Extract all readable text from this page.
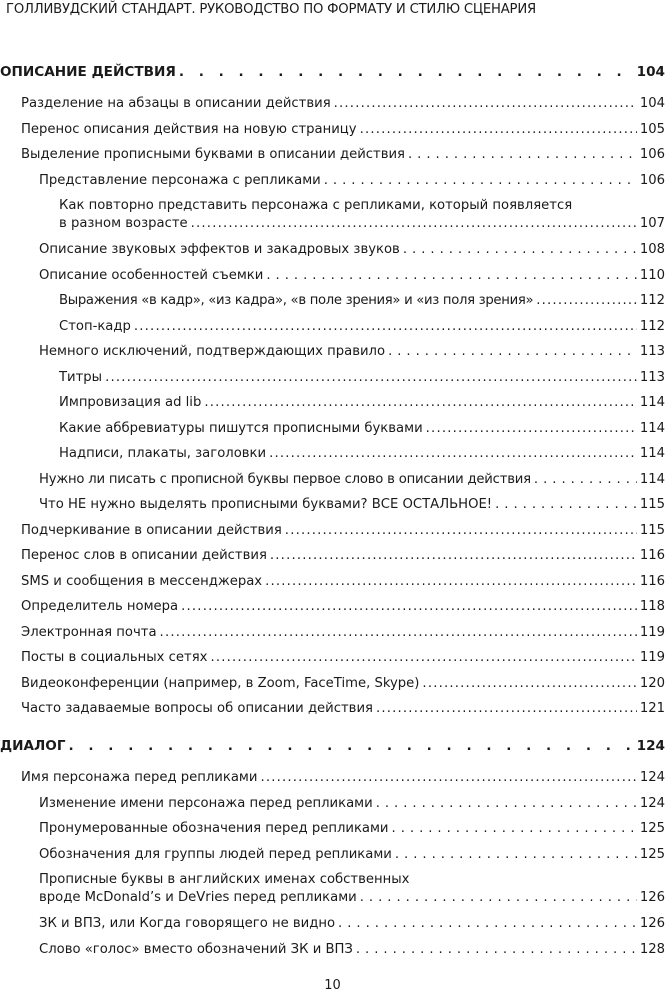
ГОЛЛИВУДСКИЙ СТАНДАРТ. РУКОВОДСТВО ПО ФОРМАТУ И СТИЛЮ СЦЕНАРИЯ
ОПИСАНИЕ ДЕЙСТВИЯ . . .	104
Разделение на абзацы в описании действия .....	104
Перенос описания действия на новую страницу .....	105
Выделение прописными буквами в описании действия . . .	106
Представление персонажа с репликами . . .	106
Как повторно представить персонажа с репликами, который появляется
в разном возрасте .....	107
Описание звуковых эффектов и закадровых звуков . . .	108
Описание особенностей съемки . . .	110
Выражения «в кадр», «из кадра», «в поле зрения» и «из поля зрения» .....	112
Стоп-кадр .....	112
Немного исключений, подтверждающих правило . . .	113
Титры .....	113
Импровизация ad lib .....	114
Какие аббревиатуры пишутся прописными буквами .....	114
Надписи, плакаты, заголовки .....	114
Нужно ли писать с прописной буквы первое слово в описании действия . . .	114
Что НЕ нужно выделять прописными буквами? ВСЕ ОСТАЛЬНОЕ! . . .	115
Подчеркивание в описании действия .....	115
Перенос слов в описании действия .....	116
SMS и сообщения в мессенджерах .....	116
Определитель номера .....	118
Электронная почта .....	119
Посты в социальных сетях .....	119
Видеоконференции (например, в Zoom, FaceTime, Skype) .....	120
Часто задаваемые вопросы об описании действия .....	121
ДИАЛОГ . . .	124
Имя персонажа перед репликами .....	124
Изменение имени персонажа перед репликами . . .	124
Пронумерованные обозначения перед репликами . . .	125
Обозначения для группы людей перед репликами . . .	125
Прописные буквы в английских именах собственных
вроде McDonald’s и DeVries перед репликами . . .	126
ЗК и ВПЗ, или Когда говорящего не видно . . .	126
Слово «голос» вместо обозначений ЗК и ВПЗ . . .	128
10
